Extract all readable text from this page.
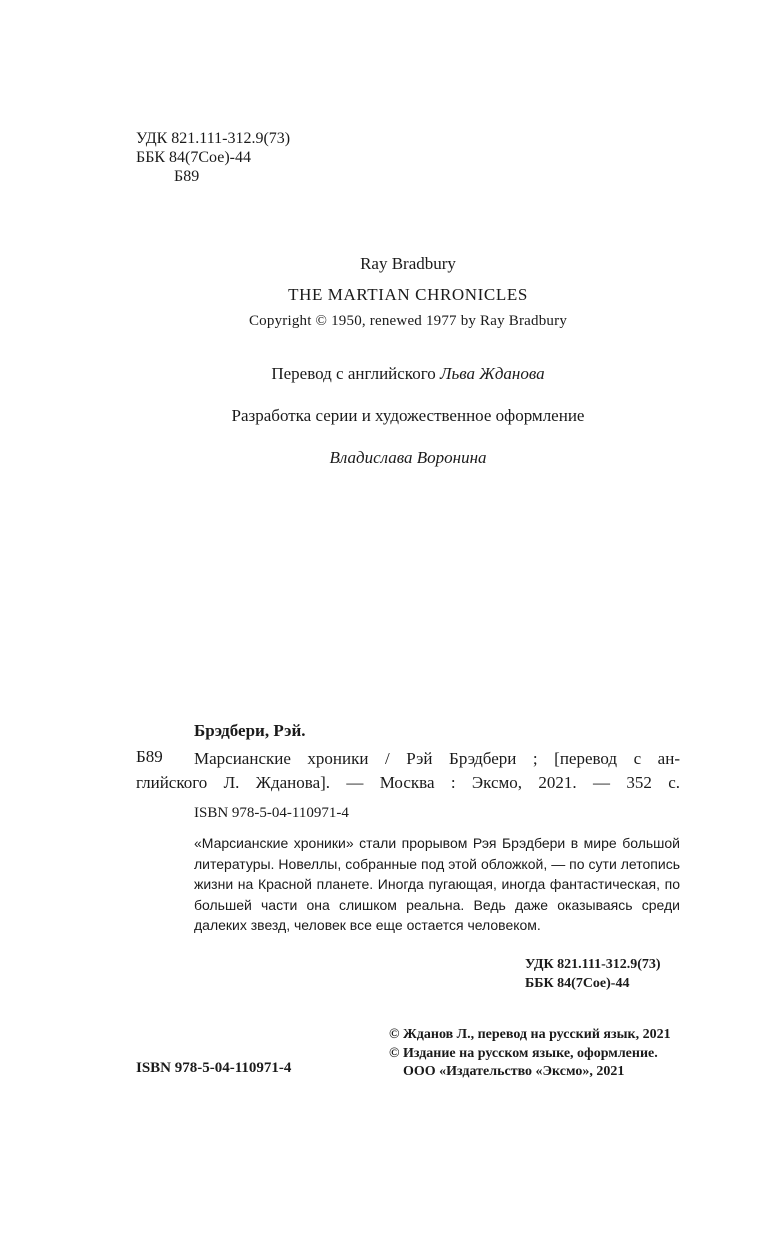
УДК 821.111-312.9(73)
ББК 84(7Сое)-44
Б89
Ray Bradbury
THE MARTIAN CHRONICLES
Copyright © 1950, renewed 1977 by Ray Bradbury
Перевод с английского Льва Жданова
Разработка серии и художественное оформление
Владислава Воронина
Брэдбери, Рэй.
Б89 Марсианские хроники / Рэй Брэдбери ; [перевод с ан-
глийского Л. Жданова]. — Москва : Эксмо, 2021. — 352 с.
ISBN 978-5-04-110971-4
«Марсианские хроники» стали прорывом Рэя Брэдбери в мире большой литературы. Новеллы, собранные под этой обложкой, — по сути летопись жизни на Красной планете. Иногда пугающая, иногда фантастическая, по большей части она слишком реальна. Ведь даже оказываясь среди далеких звезд, человек все еще остается человеком.
УДК 821.111-312.9(73)
ББК 84(7Сое)-44
© Жданов Л., перевод на русский язык, 2021
© Издание на русском языке, оформление.
ООО «Издательство «Эксмо», 2021
ISBN 978-5-04-110971-4
